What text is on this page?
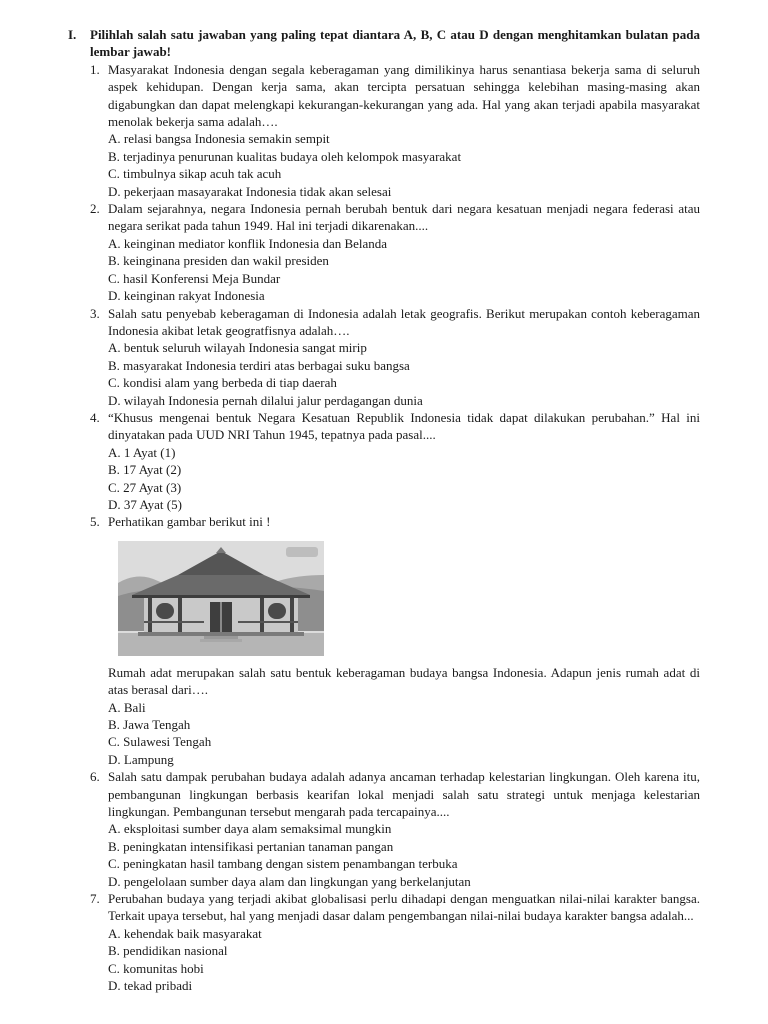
I.	Pilihlah salah satu jawaban yang paling tepat diantara A, B, C atau D dengan menghitamkan bulatan pada lembar jawab!
1. Masyarakat Indonesia dengan segala keberagaman yang dimilikinya harus senantiasa bekerja sama di seluruh aspek kehidupan. Dengan kerja sama, akan tercipta persatuan sehingga kelebihan masing-masing akan digabungkan dan dapat melengkapi kekurangan-kekurangan yang ada. Hal yang akan terjadi apabila masyarakat menolak bekerja sama adalah….
A. relasi bangsa Indonesia semakin sempit
B. terjadinya penurunan kualitas budaya oleh kelompok masyarakat
C. timbulnya sikap acuh tak acuh
D. pekerjaan masayarakat Indonesia tidak akan selesai
2. Dalam sejarahnya, negara Indonesia pernah berubah bentuk dari negara kesatuan menjadi negara federasi atau negara serikat pada tahun 1949. Hal ini terjadi dikarenakan....
A. keinginan mediator konflik Indonesia dan Belanda
B. keinginana presiden dan wakil presiden
C. hasil Konferensi Meja Bundar
D. keinginan rakyat Indonesia
3. Salah satu penyebab keberagaman di Indonesia adalah letak geografis. Berikut merupakan contoh keberagaman Indonesia akibat letak geogratfisnya adalah….
A. bentuk seluruh wilayah Indonesia sangat mirip
B. masyarakat Indonesia terdiri atas berbagai suku bangsa
C. kondisi alam yang berbeda di tiap daerah
D. wilayah Indonesia pernah dilalui jalur perdagangan dunia
4. “Khusus mengenai bentuk Negara Kesatuan Republik Indonesia tidak dapat dilakukan perubahan.” Hal ini dinyatakan pada UUD NRI Tahun 1945, tepatnya pada pasal....
A. 1 Ayat (1)
B. 17 Ayat (2)
C. 27 Ayat (3)
D. 37 Ayat (5)
5. Perhatikan gambar berikut ini !
Rumah adat merupakan salah satu bentuk keberagaman budaya bangsa Indonesia. Adapun jenis rumah adat di atas berasal dari….
A. Bali
B. Jawa Tengah
C. Sulawesi Tengah
D. Lampung
6. Salah satu dampak perubahan budaya adalah adanya ancaman terhadap kelestarian lingkungan. Oleh karena itu, pembangunan lingkungan berbasis kearifan lokal menjadi salah satu strategi untuk menjaga kelestarian lingkungan. Pembangunan tersebut mengarah pada tercapainya....
A. eksploitasi sumber daya alam semaksimal mungkin
B. peningkatan intensifikasi pertanian tanaman pangan
C. peningkatan hasil tambang dengan sistem penambangan terbuka
D. pengelolaan sumber daya alam dan lingkungan yang berkelanjutan
7. Perubahan budaya yang terjadi akibat globalisasi perlu dihadapi dengan menguatkan nilai-nilai karakter bangsa. Terkait upaya tersebut, hal yang menjadi dasar dalam pengembangan nilai-nilai budaya karakter bangsa adalah...
A. kehendak baik masyarakat
B. pendidikan nasional
C. komunitas hobi
D. tekad pribadi
